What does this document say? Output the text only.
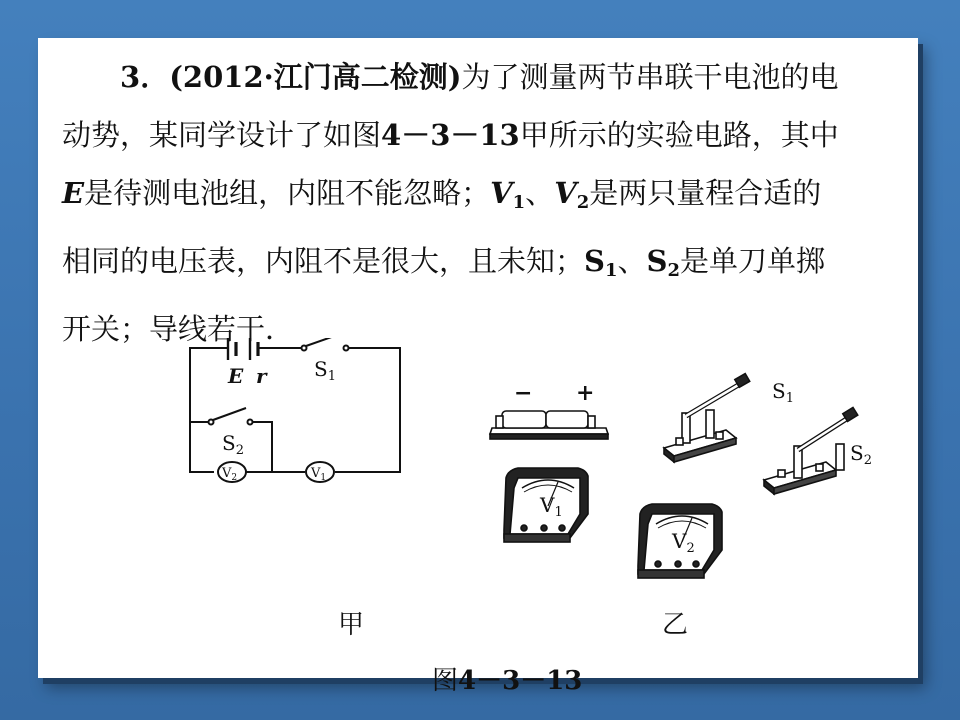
3．(2012·江门高二检测)为了测量两节串联干电池的电

动势，某同学设计了如图4－3－13甲所示的实验电路，其中

E是待测电池组，内阻不能忽略；$V_1$、$V_2$是两只量程合适的

相同的电压表，内阻不是很大，且未知；$S_1$、$S_2$是单刀单掷

开关；导线若干．

E r $S_1$
$S_2$
$V_2$	$V_1$
− +	$S_1$
$S_2$
$V_1$
$V_2$
甲	乙
图4－3－13
